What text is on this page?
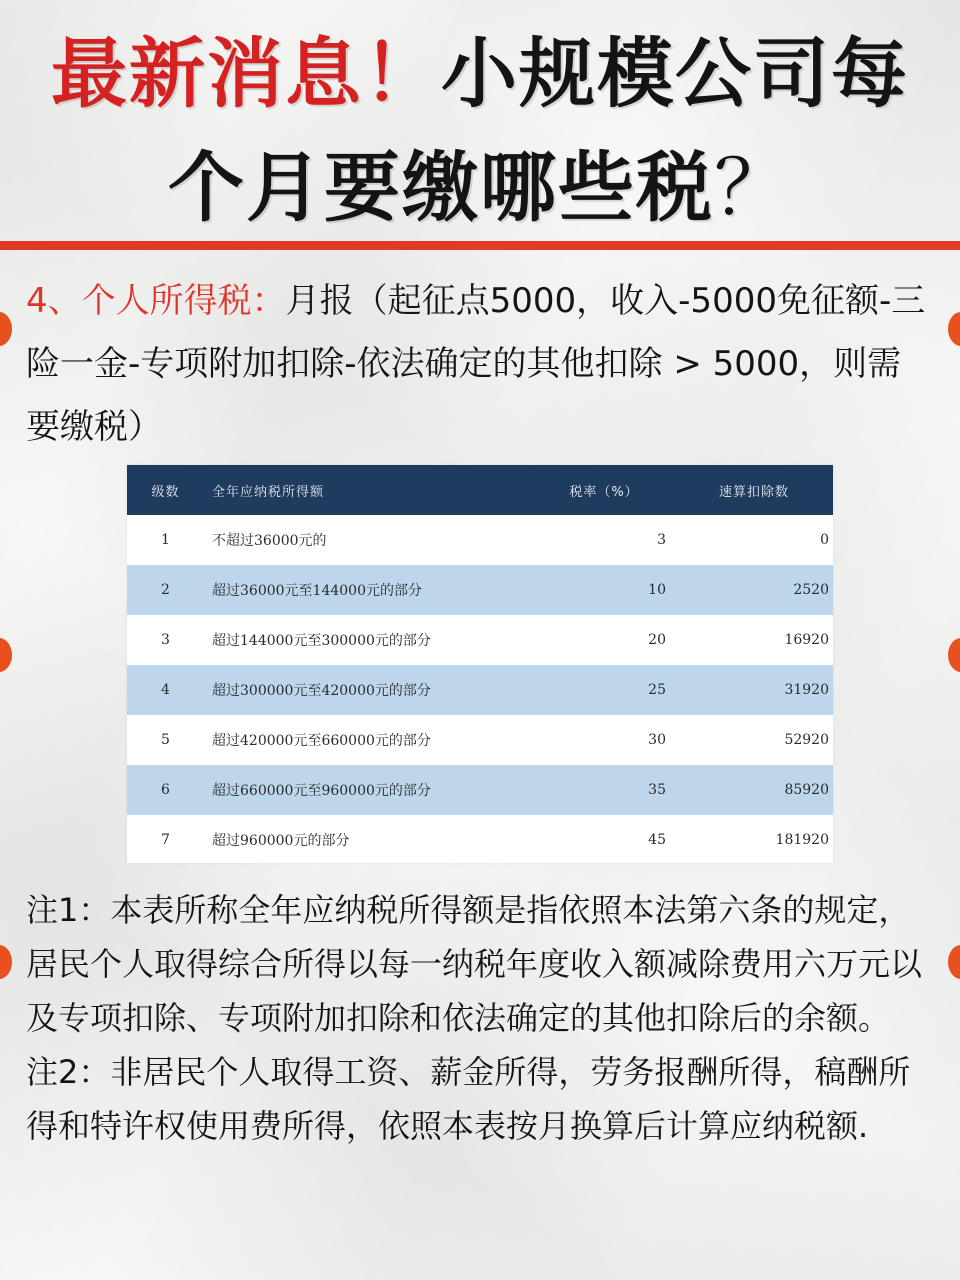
最新消息！小规模公司每
个月要缴哪些税？
4、个人所得税：月报（起征点5000，收入-5000免征额-三险一金-专项附加扣除-依法确定的其他扣除 > 5000，则需要缴税）
级数	全年应纳税所得额	税率（%）	速算扣除数
1	不超过36000元的	3	0
2	超过36000元至144000元的部分	10	2520
3	超过144000元至300000元的部分	20	16920
4	超过300000元至420000元的部分	25	31920
5	超过420000元至660000元的部分	30	52920
6	超过660000元至960000元的部分	35	85920
7	超过960000元的部分	45	181920

注1：本表所称全年应纳税所得额是指依照本法第六条的规定，居民个人取得综合所得以每一纳税年度收入额减除费用六万元以及专项扣除、专项附加扣除和依法确定的其他扣除后的余额。

注2：非居民个人取得工资、薪金所得，劳务报酬所得，稿酬所得和特许权使用费所得，依照本表按月换算后计算应纳税额.
